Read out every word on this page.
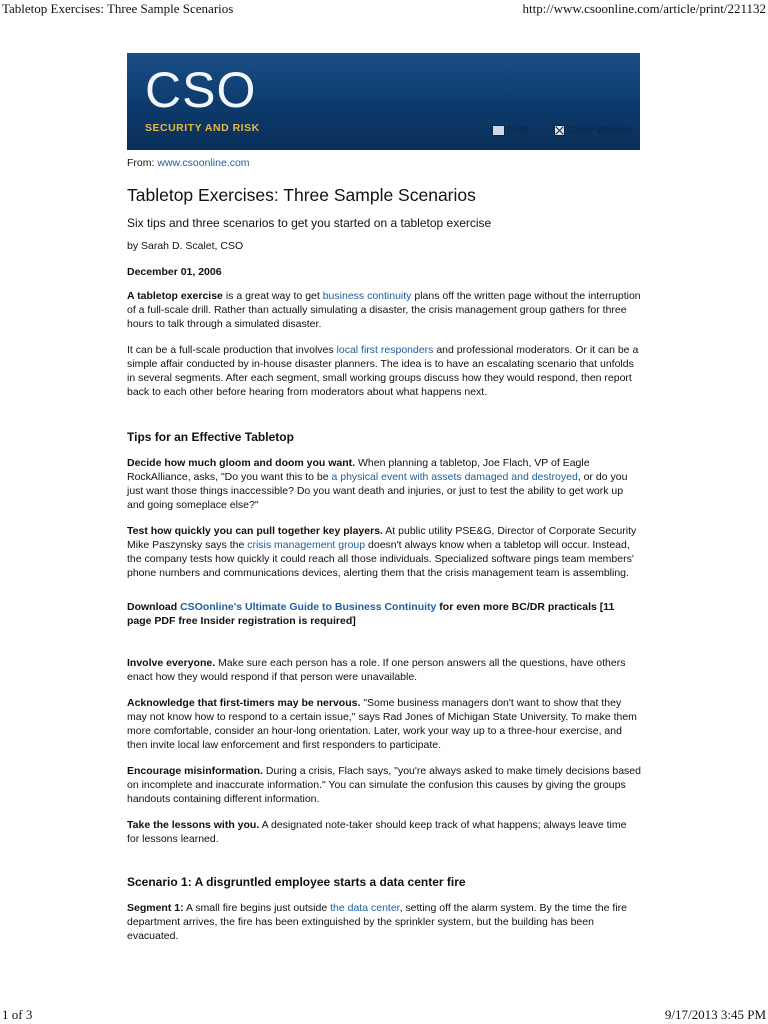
Tabletop Exercises: Three Sample Scenarios	http://www.csoonline.com/article/print/221132
CSO
SECURITY AND RISK	Print	Close Window
From: www.csoonline.com
Tabletop Exercises: Three Sample Scenarios
Six tips and three scenarios to get you started on a tabletop exercise
by Sarah D. Scalet, CSO
December 01, 2006

A tabletop exercise is a great way to get business continuity plans off the written page without the interruption of a full-scale drill. Rather than actually simulating a disaster, the crisis management group gathers for three hours to talk through a simulated disaster.

It can be a full-scale production that involves local first responders and professional moderators. Or it can be a simple affair conducted by in-house disaster planners. The idea is to have an escalating scenario that unfolds in several segments. After each segment, small working groups discuss how they would respond, then report back to each other before hearing from moderators about what happens next.

Tips for an Effective Tabletop

Decide how much gloom and doom you want. When planning a tabletop, Joe Flach, VP of Eagle RockAlliance, asks, "Do you want this to be a physical event with assets damaged and destroyed, or do you just want those things inaccessible? Do you want death and injuries, or just to test the ability to get work up and going someplace else?"

Test how quickly you can pull together key players. At public utility PSE&G, Director of Corporate Security Mike Paszynsky says the crisis management group doesn't always know when a tabletop will occur. Instead, the company tests how quickly it could reach all those individuals. Specialized software pings team members' phone numbers and communications devices, alerting them that the crisis management team is assembling.

Download CSOonline's Ultimate Guide to Business Continuity for even more BC/DR practicals [11 page PDF free Insider registration is required]

Involve everyone. Make sure each person has a role. If one person answers all the questions, have others enact how they would respond if that person were unavailable.

Acknowledge that first-timers may be nervous. "Some business managers don't want to show that they may not know how to respond to a certain issue," says Rad Jones of Michigan State University. To make them more comfortable, consider an hour-long orientation. Later, work your way up to a three-hour exercise, and then invite local law enforcement and first responders to participate.

Encourage misinformation. During a crisis, Flach says, "you're always asked to make timely decisions based on incomplete and inaccurate information." You can simulate the confusion this causes by giving the groups handouts containing different information.

Take the lessons with you. A designated note-taker should keep track of what happens; always leave time for lessons learned.

Scenario 1: A disgruntled employee starts a data center fire

Segment 1: A small fire begins just outside the data center, setting off the alarm system. By the time the fire department arrives, the fire has been extinguished by the sprinkler system, but the building has been evacuated.

1 of 3	9/17/2013 3:45 PM
